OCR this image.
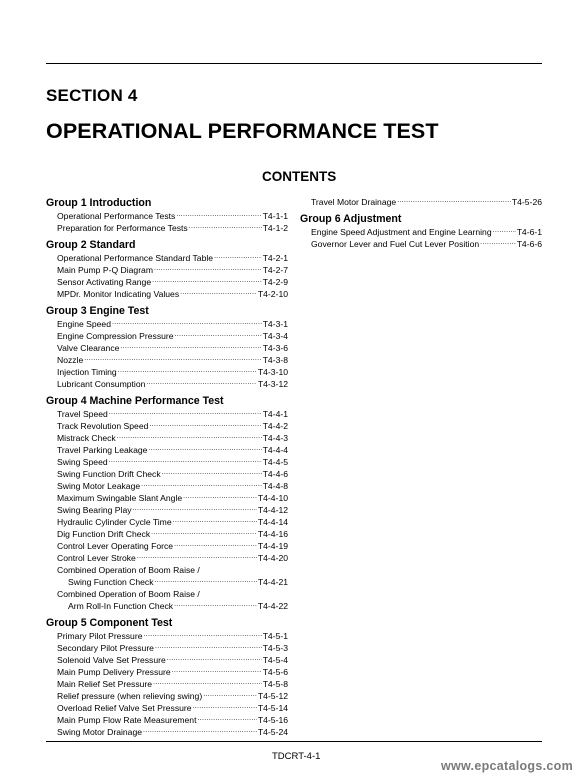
SECTION 4
OPERATIONAL PERFORMANCE TEST
CONTENTS
Group 1 Introduction
Operational Performance Tests .....	T4-1-1
Preparation for Performance Tests .....	T4-1-2
Group 2 Standard
Operational Performance Standard Table .....	T4-2-1
Main Pump P-Q Diagram .....	T4-2-7
Sensor Activating Range .....	T4-2-9
MPDr. Monitor Indicating Values .....	T4-2-10
Group 3 Engine Test
Engine Speed .....	T4-3-1
Engine Compression Pressure .....	T4-3-4
Valve Clearance .....	T4-3-6
Nozzle .....	T4-3-8
Injection Timing .....	T4-3-10
Lubricant Consumption .....	T4-3-12
Group 4 Machine Performance Test
Travel Speed .....	T4-4-1
Track Revolution Speed .....	T4-4-2
Mistrack Check .....	T4-4-3
Travel Parking Leakage .....	T4-4-4
Swing Speed .....	T4-4-5
Swing Function Drift Check .....	T4-4-6
Swing Motor Leakage .....	T4-4-8
Maximum Swingable Slant Angle .....	T4-4-10
Swing Bearing Play .....	T4-4-12
Hydraulic Cylinder Cycle Time .....	T4-4-14
Dig Function Drift Check .....	T4-4-16
Control Lever Operating Force .....	T4-4-19
Control Lever Stroke .....	T4-4-20
Combined Operation of Boom Raise /
Swing Function Check .....	T4-4-21
Combined Operation of Boom Raise /
Arm Roll-In Function Check .....	T4-4-22
Group 5 Component Test
Primary Pilot Pressure .....	T4-5-1
Secondary Pilot Pressure .....	T4-5-3
Solenoid Valve Set Pressure .....	T4-5-4
Main Pump Delivery Pressure .....	T4-5-6
Main Relief Set Pressure .....	T4-5-8
Relief pressure (when relieving swing) .....	T4-5-12
Overload Relief Valve Set Pressure .....	T4-5-14
Main Pump Flow Rate Measurement .....	T4-5-16
Swing Motor Drainage .....	T4-5-24
Travel Motor Drainage .....	T4-5-26
Group 6 Adjustment
Engine Speed Adjustment and Engine Learning .....	T4-6-1
Governor Lever and Fuel Cut Lever Position .....	T4-6-6
TDCRT-4-1
www.epcatalogs.com
